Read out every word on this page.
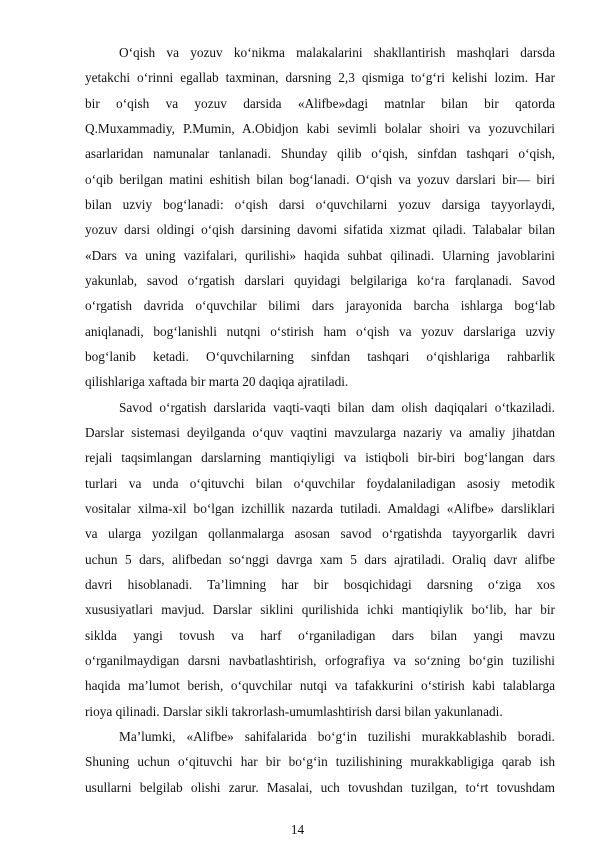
O‘qish va yozuv ko‘nikma malakalarini shakllantirish mashqlari darsda
yetakchi o‘rinni egallab taxminan, darsning 2,3 qismiga to‘g‘ri kelishi lozim. Har
bir o‘qish va yozuv darsida «Alifbe»dagi matnlar bilan bir qatorda
Q.Muxammadiy, P.Mumin, A.Obidjon kabi sevimli bolalar shoiri va yozuvchilari
asarlaridan namunalar tanlanadi. Shunday qilib o‘qish, sinfdan tashqari o‘qish,
o‘qib berilgan matini eshitish bilan bog‘lanadi. O‘qish va yozuv darslari bir— biri
bilan uzviy bog‘lanadi: o‘qish darsi o‘quvchilarni yozuv darsiga tayyorlaydi,
yozuv darsi oldingi o‘qish darsining davomi sifatida xizmat qiladi. Talabalar bilan
«Dars va uning vazifalari, qurilishi» haqida suhbat qilinadi. Ularning javoblarini
yakunlab, savod o‘rgatish darslari quyidagi belgilariga ko‘ra farqlanadi. Savod
o‘rgatish davrida o‘quvchilar bilimi dars jarayonida barcha ishlarga bog‘lab
aniqlanadi, bog‘lanishli nutqni o‘stirish ham o‘qish va yozuv darslariga uzviy
bog‘lanib ketadi. O‘quvchilarning sinfdan tashqari o‘qishlariga rahbarlik
qilishlariga xaftada bir marta 20 daqiqa ajratiladi.
Savod o‘rgatish darslarida vaqti-vaqti bilan dam olish daqiqalari o‘tkaziladi.
Darslar sistemasi deyilganda o‘quv vaqtini mavzularga nazariy va amaliy jihatdan
rejali taqsimlangan darslarning mantiqiyligi va istiqboli bir-biri bog‘langan dars
turlari va unda o‘qituvchi bilan o‘quvchilar foydalaniladigan asosiy metodik
vositalar xilma-xil bo‘lgan izchillik nazarda tutiladi. Amaldagi «Alifbe» darsliklari
va ularga yozilgan qollanmalarga asosan savod o‘rgatishda tayyorgarlik davri
uchun 5 dars, alifbedan so‘nggi davrga xam 5 dars ajratiladi. Oraliq davr alifbe
davri hisoblanadi. Ta’limning har bir bosqichidagi darsning o‘ziga xos
xususiyatlari mavjud. Darslar siklini qurilishida ichki mantiqiylik bo‘lib, har bir
siklda yangi tovush va harf o‘rganiladigan dars bilan yangi mavzu
o‘rganilmaydigan darsni navbatlashtirish, orfografiya va so‘zning bo‘gin tuzilishi
haqida ma’lumot berish, o‘quvchilar nutqi va tafakkurini o‘stirish kabi talablarga
rioya qilinadi. Darslar sikli takrorlash-umumlashtirish darsi bilan yakunlanadi.
Ma’lumki, «Alifbe» sahifalarida bo‘g‘in tuzilishi murakkablashib boradi.
Shuning uchun o‘qituvchi har bir bo‘g‘in tuzilishining murakkabligiga qarab ish
usullarni belgilab olishi zarur. Masalai, uch tovushdan tuzilgan, to‘rt tovushdam
14
